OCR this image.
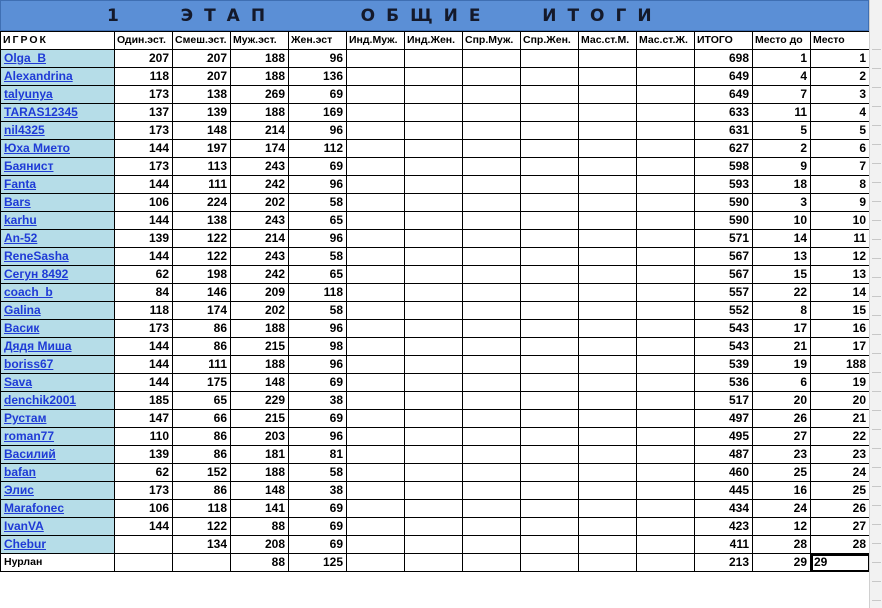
1	ЭТАП	ОБЩИЕ	ИТОГИ
ИГРОК	Один.эст.	Смеш.эст.	Муж.эст.	Жен.эст	Инд.Муж.	Инд.Жен.	Спр.Муж.	Спр.Жен.	Мас.ст.М.	Мас.ст.Ж.	ИТОГО	Место до	Место
Olga_B	207	207	188	96							698	1	1
Alexandrina	118	207	188	136							649	4	2
talyunya	173	138	269	69							649	7	3
TARAS12345	137	139	188	169							633	11	4
nil4325	173	148	214	96							631	5	5
Юха Мието	144	197	174	112							627	2	6
Баянист	173	113	243	69							598	9	7
Fanta	144	111	242	96							593	18	8
Bars	106	224	202	58							590	3	9
karhu	144	138	243	65							590	10	10
An-52	139	122	214	96							571	14	11
ReneSasha	144	122	243	58							567	13	12
Сегун 8492	62	198	242	65							567	15	13
coach_b	84	146	209	118							557	22	14
Galina	118	174	202	58							552	8	15
Васик	173	86	188	96							543	17	16
Дядя Миша	144	86	215	98							543	21	17
boriss67	144	111	188	96							539	19	188
Sava	144	175	148	69							536	6	19
denchik2001	185	65	229	38							517	20	20
Рустам	147	66	215	69							497	26	21
roman77	110	86	203	96							495	27	22
Василий	139	86	181	81							487	23	23
bafan	62	152	188	58							460	25	24
Элис	173	86	148	38							445	16	25
Marafonec	106	118	141	69							434	24	26
IvanVA	144	122	88	69							423	12	27
Chebur		134	208	69							411	28	28
Нурлан			88	125							213	29	29
